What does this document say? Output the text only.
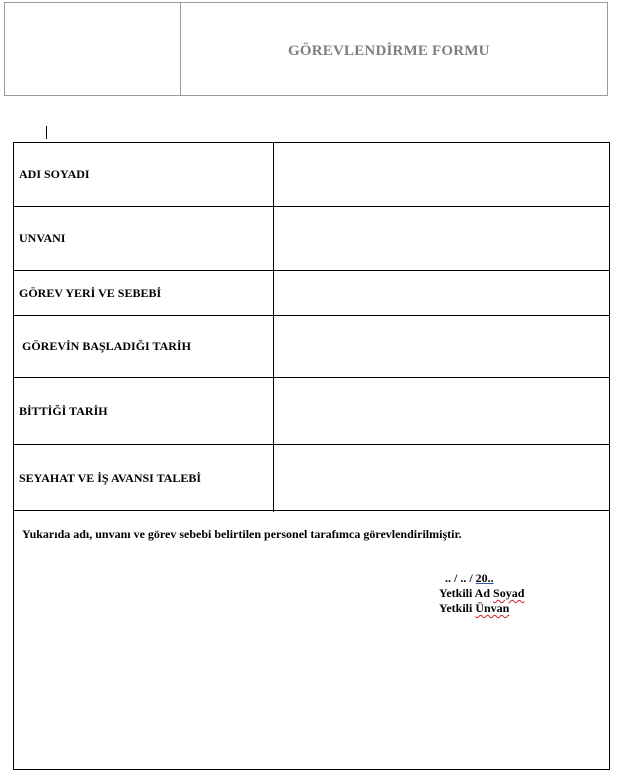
GÖREVLENDİRME FORMU
ADI SOYADI
UNVANI
GÖREV YERİ VE SEBEBİ
GÖREVİN BAŞLADIĞI TARİH
BİTTİĞİ TARİH
SEYAHAT VE İŞ AVANSI TALEBİ
Yukarıda adı, unvanı ve görev sebebi belirtilen personel tarafımca görevlendirilmiştir.
.. / .. / 20..
Yetkili Ad Soyad
Yetkili Ünvan
